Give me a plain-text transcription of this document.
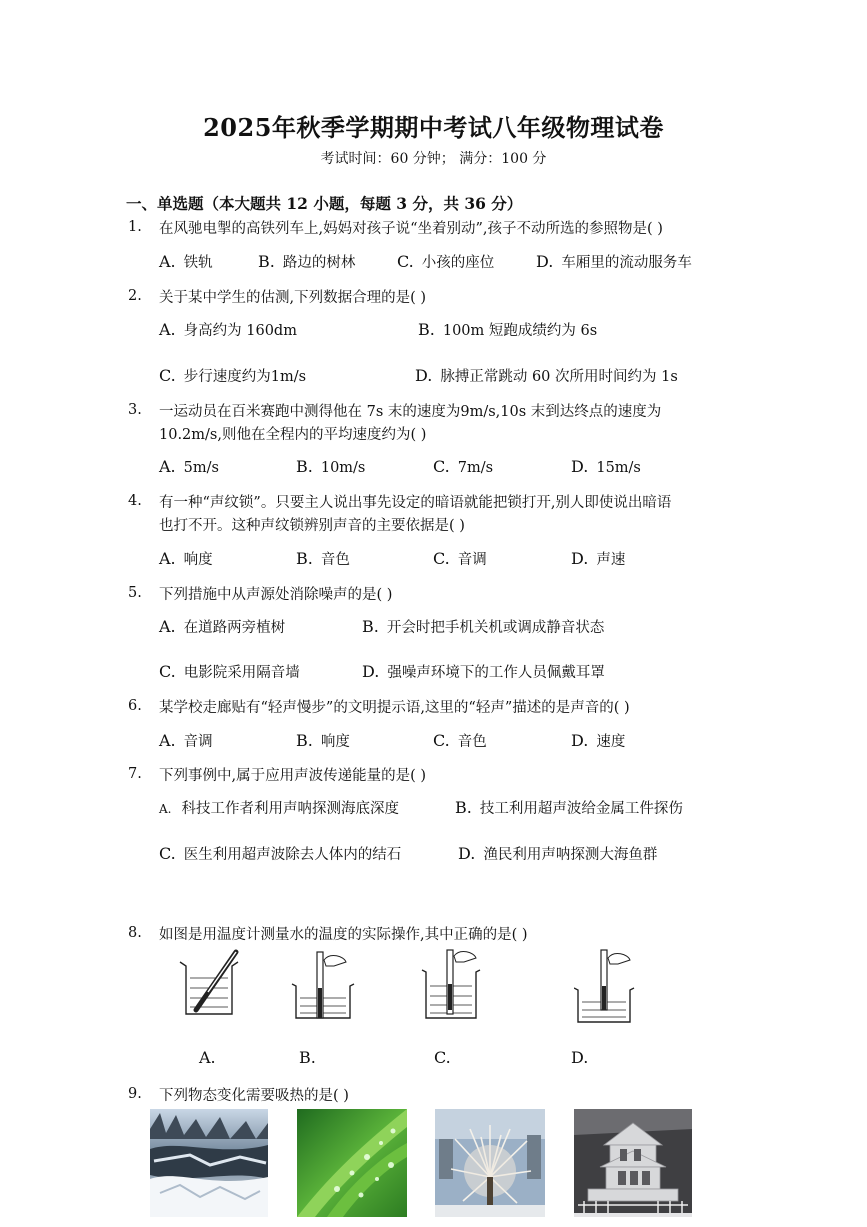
2025年秋季学期期中考试八年级物理试卷
考试时间：60 分钟； 满分：100 分
一、单选题（本大题共 12 小题，每题 3 分，共 36 分）
1. 在风驰电掣的高铁列车上,妈妈对孩子说“坐着别动”,孩子不动所选的参照物是( )
A. 铁轨	B. 路边的树林	C. 小孩的座位	D. 车厢里的流动服务车
2. 关于某中学生的估测,下列数据合理的是( )
A. 身高约为 160dm	B. 100m 短跑成绩约为 6s
C. 步行速度约为1m/s	D. 脉搏正常跳动 60 次所用时间约为 1s
3. 一运动员在百米赛跑中测得他在 7s 末的速度为9m/s,10s 末到达终点的速度为
10.2m/s,则他在全程内的平均速度约为( )
A. 5m/s	B. 10m/s	C. 7m/s	D. 15m/s
4. 有一种“声纹锁”。只要主人说出事先设定的暗语就能把锁打开,别人即使说出暗语
也打不开。这种声纹锁辨别声音的主要依据是( )
A. 响度	B. 音色	C. 音调	D. 声速
5. 下列措施中从声源处消除噪声的是( )
A. 在道路两旁植树	B. 开会时把手机关机或调成静音状态
C. 电影院采用隔音墙	D. 强噪声环境下的工作人员佩戴耳罩
6. 某学校走廊贴有“轻声慢步”的文明提示语,这里的“轻声”描述的是声音的( )
A. 音调	B. 响度	C. 音色	D. 速度
7. 下列事例中,属于应用声波传递能量的是( )
A. 科技工作者利用声呐探测海底深度	B. 技工利用超声波给金属工件探伤
C. 医生利用超声波除去人体内的结石	D. 渔民利用声呐探测大海鱼群
8. 如图是用温度计测量水的温度的实际操作,其中正确的是( )
A.	B.	C.	D.
9. 下列物态变化需要吸热的是( )
